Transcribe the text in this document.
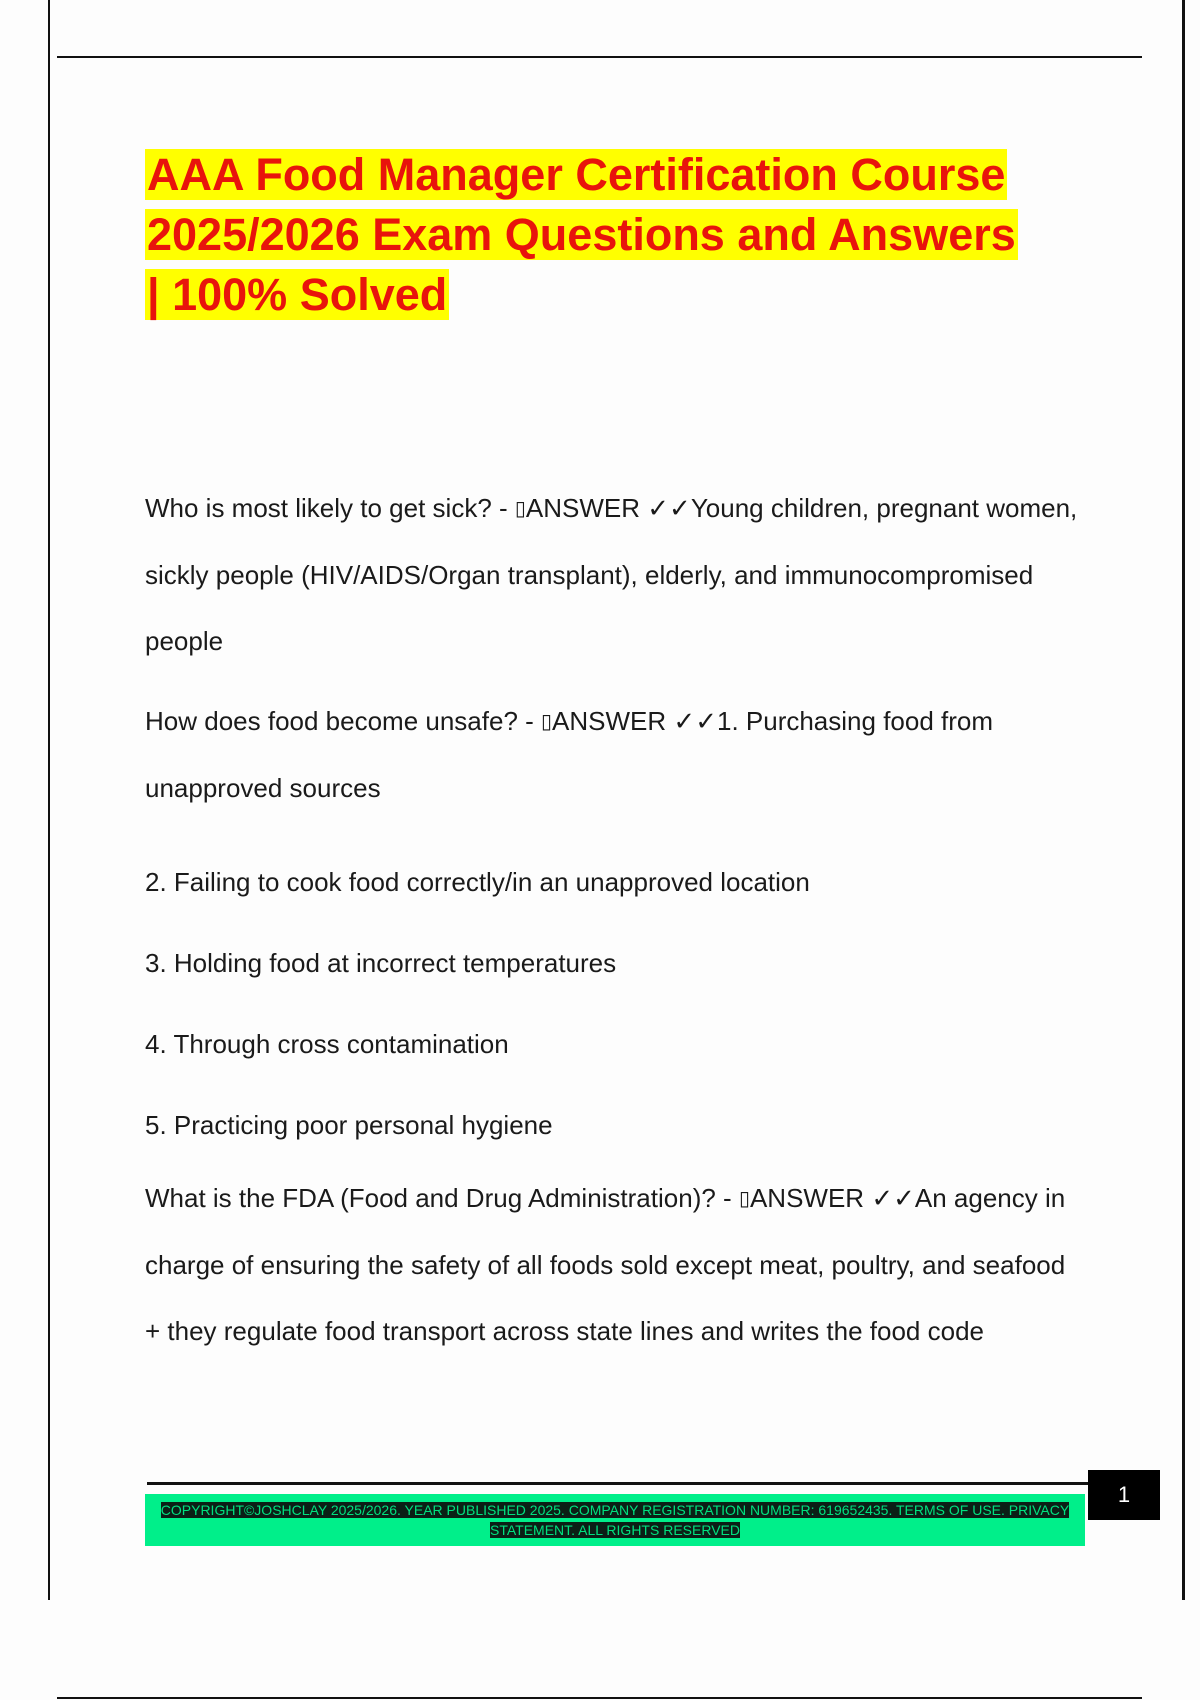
AAA Food Manager Certification Course
2025/2026 Exam Questions and Answers
| 100% Solved

Who is most likely to get sick? - ▯ANSWER ✓✓Young children, pregnant women, sickly people (HIV/AIDS/Organ transplant), elderly, and immunocompromised people

How does food become unsafe? - ▯ANSWER ✓✓1. Purchasing food from unapproved sources

2. Failing to cook food correctly/in an unapproved location

3. Holding food at incorrect temperatures

4. Through cross contamination

5. Practicing poor personal hygiene

What is the FDA (Food and Drug Administration)? - ▯ANSWER ✓✓An agency in charge of ensuring the safety of all foods sold except meat, poultry, and seafood + they regulate food transport across state lines and writes the food code

COPYRIGHT©JOSHCLAY 2025/2026. YEAR PUBLISHED 2025. COMPANY REGISTRATION NUMBER: 619652435. TERMS OF USE. PRIVACY STATEMENT. ALL RIGHTS RESERVED
1
